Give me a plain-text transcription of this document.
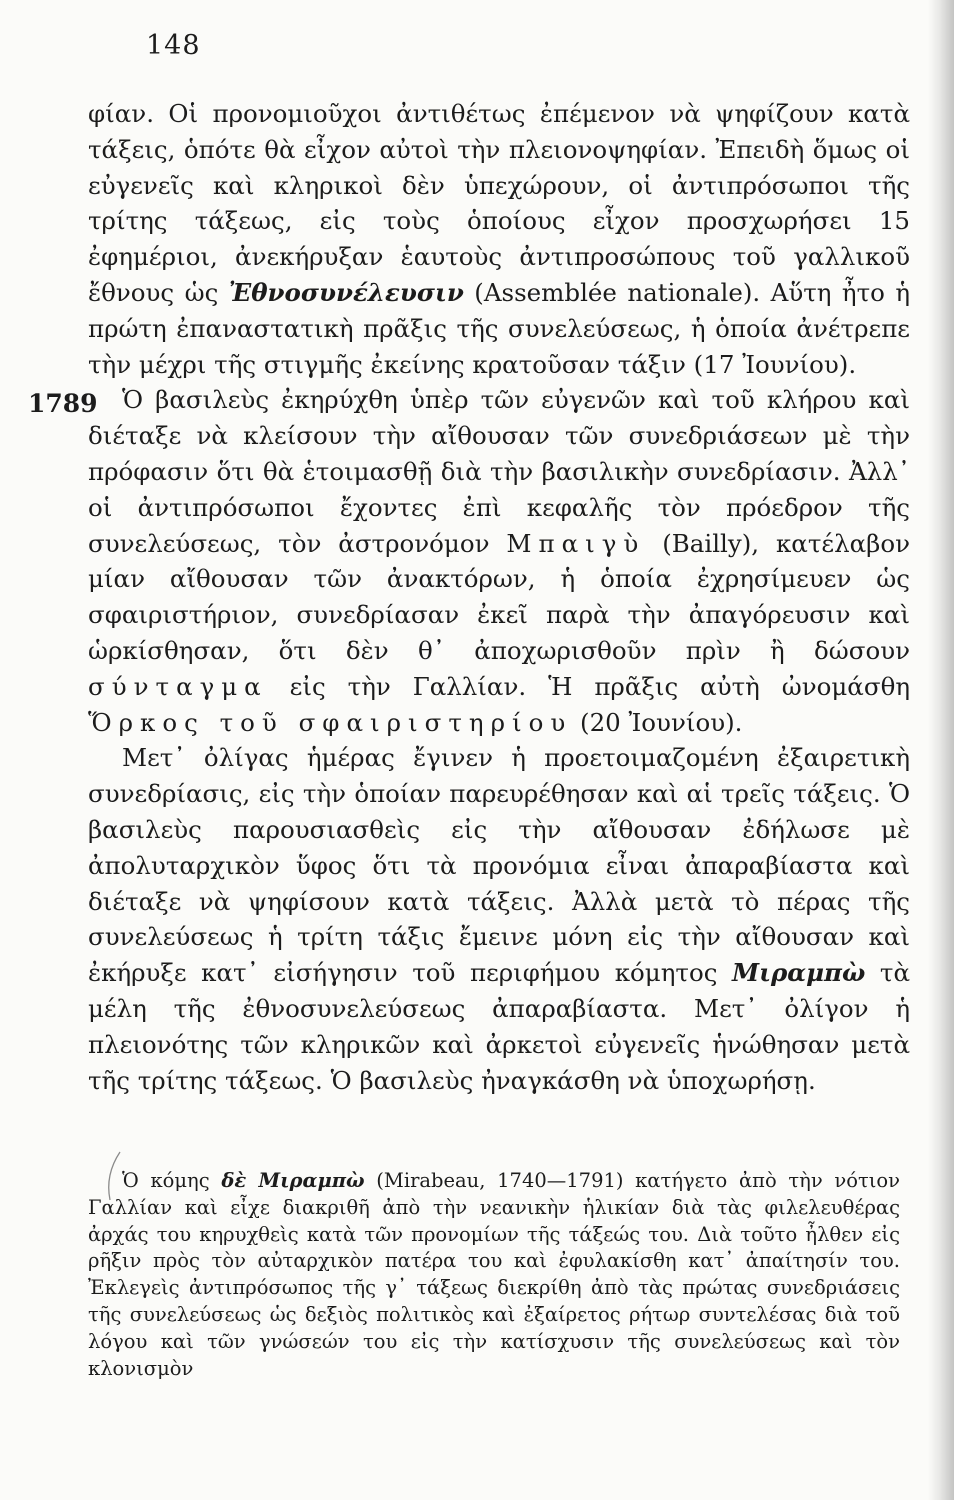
148
1789

φίαν. Οἱ προνομιοῦχοι ἀντιθέτως ἐπέμενον νὰ ψηφίζουν κατὰ τάξεις, ὁπότε θὰ εἶχον αὐτοὶ τὴν πλειονοψηφίαν. Ἐπειδὴ ὅμως οἱ εὐγενεῖς καὶ κληρικοὶ δὲν ὑπεχώρουν, οἱ ἀντιπρόσωποι τῆς τρίτης τάξεως, εἰς τοὺς ὁποίους εἶχον προσχωρήσει 15 ἐφημέριοι, ἀνεκήρυξαν ἑαυτοὺς ἀντιπροσώπους τοῦ γαλλικοῦ ἔθνους ὡς Ἐθνοσυνέλευσιν (Assemblée nationale). Αὕτη ἦτο ἡ πρώτη ἐπαναστατικὴ πρᾶξις τῆς συνελεύσεως, ἡ ὁποία ἀνέτρεπε τὴν μέχρι τῆς στιγμῆς ἐκείνης κρατοῦσαν τάξιν (17 Ἰουνίου).

Ὁ βασιλεὺς ἐκηρύχθη ὑπὲρ τῶν εὐγενῶν καὶ τοῦ κλήρου καὶ διέταξε νὰ κλείσουν τὴν αἴθουσαν τῶν συνεδριάσεων μὲ τὴν πρόφασιν ὅτι θὰ ἑτοιμασθῇ διὰ τὴν βασιλικὴν συνεδρίασιν. Ἀλλ᾽ οἱ ἀντιπρόσωποι ἔχοντες ἐπὶ κεφαλῆς τὸν πρόεδρον τῆς συνελεύσεως, τὸν ἀστρονόμον Μπαιγὺ (Bailly), κατέλαβον μίαν αἴθουσαν τῶν ἀνακτόρων, ἡ ὁποία ἐχρησίμευεν ὡς σφαιριστήριον, συνεδρίασαν ἐκεῖ παρὰ τὴν ἀπαγόρευσιν καὶ ὡρκίσθησαν, ὅτι δὲν θ᾽ ἀποχωρισθοῦν πρὶν ἢ δώσουν σύνταγμα εἰς τὴν Γαλλίαν. Ἡ πρᾶξις αὐτὴ ὠνομάσθη Ὅρκος τοῦ σφαιριστηρίου (20 Ἰουνίου).

Μετ᾽ ὀλίγας ἡμέρας ἔγινεν ἡ προετοιμαζομένη ἐξαιρετικὴ συνεδρίασις, εἰς τὴν ὁποίαν παρευρέθησαν καὶ αἱ τρεῖς τάξεις. Ὁ βασιλεὺς παρουσιασθεὶς εἰς τὴν αἴθουσαν ἐδήλωσε μὲ ἀπολυταρχικὸν ὕφος ὅτι τὰ προνόμια εἶναι ἀπαραβίαστα καὶ διέταξε νὰ ψηφίσουν κατὰ τάξεις. Ἀλλὰ μετὰ τὸ πέρας τῆς συνελεύσεως ἡ τρίτη τάξις ἔμεινε μόνη εἰς τὴν αἴθουσαν καὶ ἐκήρυξε κατ᾽ εἰσήγησιν τοῦ περιφήμου κόμητος Μιραμπὼ τὰ μέλη τῆς ἐθνοσυνελεύσεως ἀπαραβίαστα. Μετ᾽ ὀλίγον ἡ πλειονότης τῶν κληρικῶν καὶ ἀρκετοὶ εὐγενεῖς ἡνώθησαν μετὰ τῆς τρίτης τάξεως. Ὁ βασιλεὺς ἠναγκάσθη νὰ ὑποχωρήσῃ.

Ὁ κόμης δὲ Μιραμπὼ (Mirabeau, 1740—1791) κατήγετο ἀπὸ τὴν νότιον Γαλλίαν καὶ εἶχε διακριθῆ ἀπὸ τὴν νεανικὴν ἡλικίαν διὰ τὰς φιλελευθέρας ἀρχάς του κηρυχθεὶς κατὰ τῶν προνομίων τῆς τάξεώς του. Διὰ τοῦτο ἦλθεν εἰς ρῆξιν πρὸς τὸν αὐταρχικὸν πατέρα του καὶ ἐφυλακίσθη κατ᾽ ἀπαίτησίν του. Ἐκλεγεὶς ἀντιπρόσωπος τῆς γ᾽ τάξεως διεκρίθη ἀπὸ τὰς πρώτας συνεδριάσεις τῆς συνελεύσεως ὡς δεξιὸς πολιτικὸς καὶ ἐξαίρετος ρήτωρ συντελέσας διὰ τοῦ λόγου καὶ τῶν γνώσεών του εἰς τὴν κατίσχυσιν τῆς συνελεύσεως καὶ τὸν κλονισμὸν
